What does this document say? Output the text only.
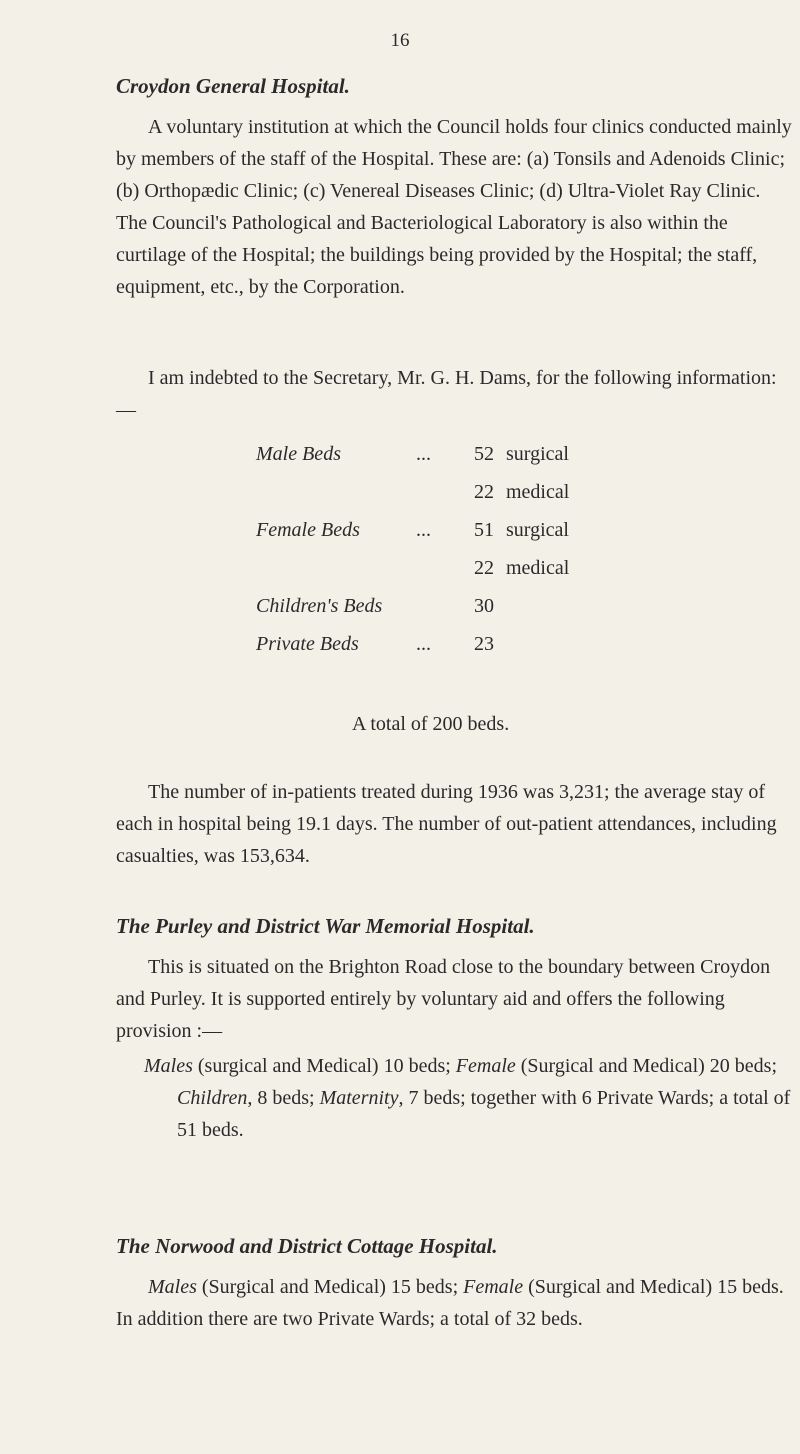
16
Croydon General Hospital.

A voluntary institution at which the Council holds four clinics conducted mainly by members of the staff of the Hospital. These are: (a) Tonsils and Adenoids Clinic; (b) Orthopædic Clinic; (c) Venereal Diseases Clinic; (d) Ultra-Violet Ray Clinic. The Council's Pathological and Bacteriological Laboratory is also within the curtilage of the Hospital; the buildings being provided by the Hospital; the staff, equipment, etc., by the Corporation.

I am indebted to the Secretary, Mr. G. H. Dams, for the following information:—

Male Beds	...	52 surgical
22 medical
Female Beds	...	51 surgical
22 medical
Children's Beds	30
Private Beds	...	23
A total of 200 beds.

The number of in-patients treated during 1936 was 3,231; the average stay of each in hospital being 19.1 days. The number of out-patient attendances, including casualties, was 153,634.

The Purley and District War Memorial Hospital.

This is situated on the Brighton Road close to the boundary between Croydon and Purley. It is supported entirely by voluntary aid and offers the following provision :—

Males (surgical and Medical) 10 beds; Female (Surgical and Medical) 20 beds; Children, 8 beds; Maternity, 7 beds; together with 6 Private Wards; a total of 51 beds.

The Norwood and District Cottage Hospital.

Males (Surgical and Medical) 15 beds; Female (Surgical and Medical) 15 beds. In addition there are two Private Wards; a total of 32 beds.
